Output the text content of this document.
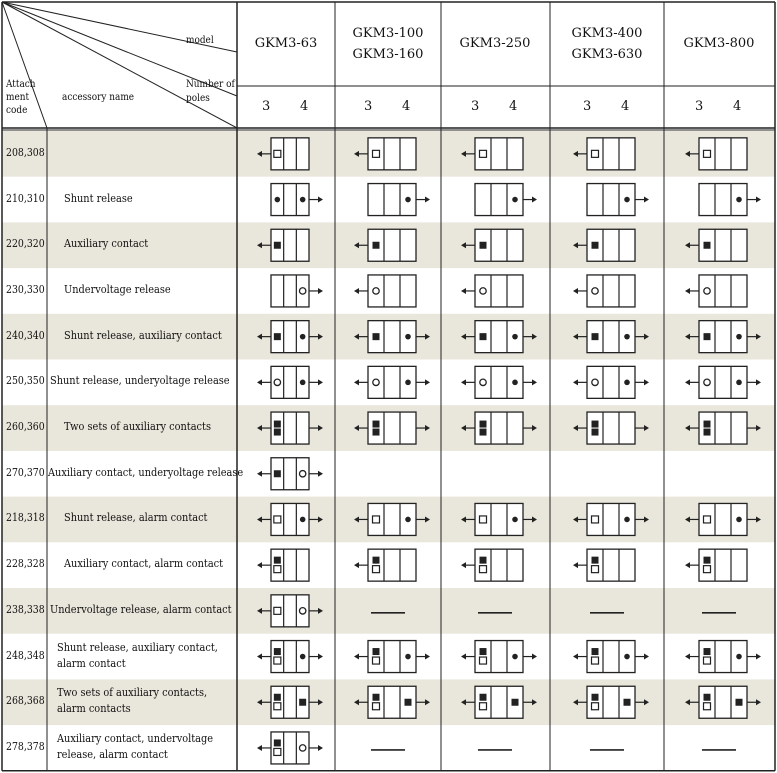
model
Number of
poles
Attach
ment
code
accessory name
GKM3-63
3 4
GKM3-100
GKM3-160
3 4
GKM3-250
3 4
GKM3-400
GKM3-630
3 4
GKM3-800
3 4
208,308
210,310 Shunt release
220,320 Auxiliary contact
230,330 Undervoltage release
240,340 Shunt release, auxiliary contact
250,350 Shunt release, underyoltage release
260,360 Two sets of auxiliary contacts
270,370 Auxiliary contact, underyoltage release
218,318 Shunt release, alarm contact
228,328 Auxiliary contact, alarm contact
238,338 Undervoltage release, alarm contact
248,348
Shunt release, auxiliary contact,
alarm contact
268,368
Two sets of auxiliary contacts,
alarm contacts
278,378
Auxiliary contact, undervoltage
release, alarm contact
